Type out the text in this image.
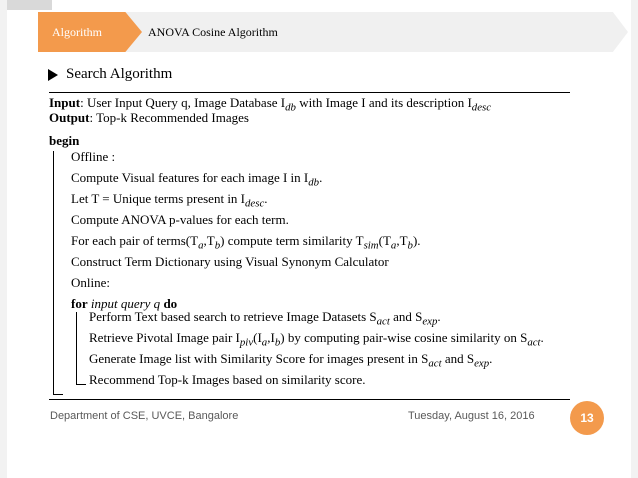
Algorithm	ANOVA Cosine Algorithm
Search Algorithm
Input: User Input Query q, Image Database $I_{db}$ with Image I and its description $I_{desc}$
Output: Top-k Recommended Images
begin
Offline :
Compute Visual features for each image I in $I_{db}$.
Let T = Unique terms present in $I_{desc}$.
Compute ANOVA p-values for each term.
For each pair of $terms(T_a,T_b)$ compute term similarity $T_{sim}(T_a,T_b)$.
Construct Term Dictionary using Visual Synonym Calculator
Online:
for input query q do
Perform Text based search to retrieve Image Datasets $S_{act}$ and $S_{exp}$.
Retrieve Pivotal Image pair $I_{piv}(I_a,I_b)$ by computing pair-wise cosine similarity on $S_{act}$.
Generate Image list with Similarity Score for images present in $S_{act}$ and $S_{exp}$.
Recommend Top-k Images based on similarity score.
Department of CSE, UVCE, Bangalore	Tuesday, August 16, 2016	13
